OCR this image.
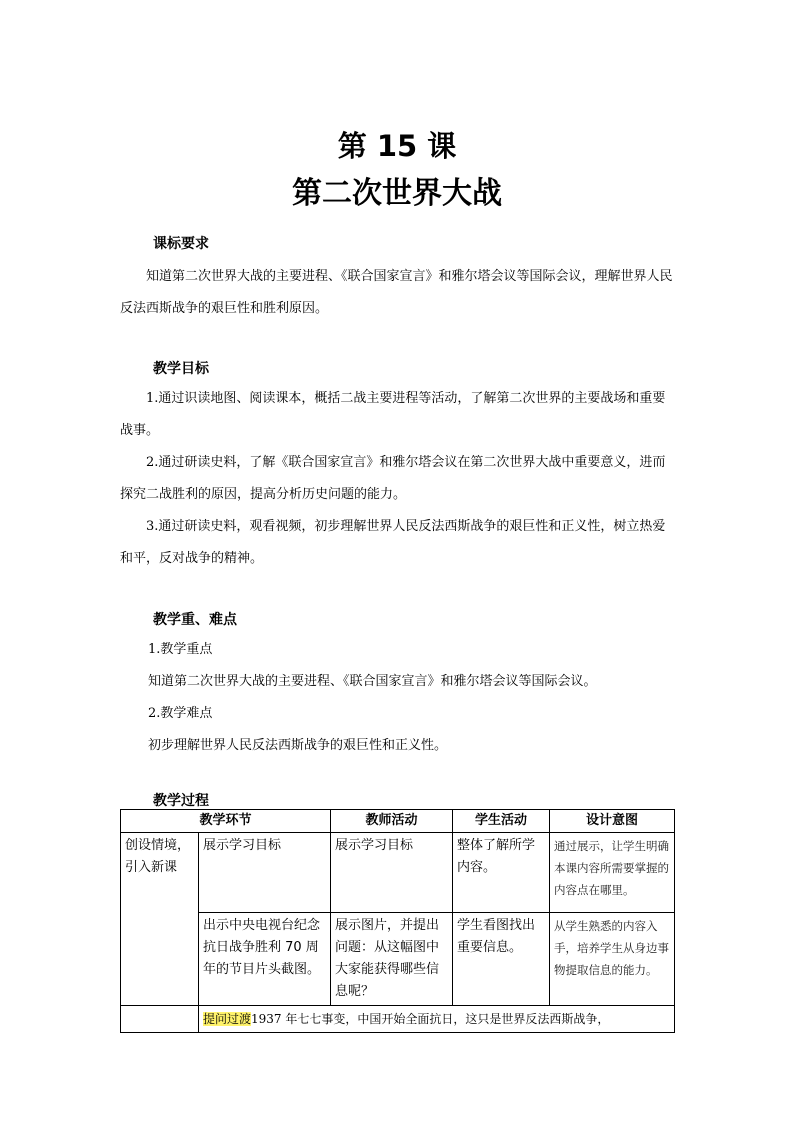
第 15 课
第二次世界大战
课标要求

知道第二次世界大战的主要进程、《联合国家宣言》和雅尔塔会议等国际会议，理解世界人民反法西斯战争的艰巨性和胜利原因。

教学目标

1.通过识读地图、阅读课本，概括二战主要进程等活动，了解第二次世界的主要战场和重要战事。

2.通过研读史料，了解《联合国家宣言》和雅尔塔会议在第二次世界大战中重要意义，进而探究二战胜利的原因，提高分析历史问题的能力。

3.通过研读史料，观看视频，初步理解世界人民反法西斯战争的艰巨性和正义性，树立热爱和平，反对战争的精神。

教学重、难点
1.教学重点
知道第二次世界大战的主要进程、《联合国家宣言》和雅尔塔会议等国际会议。
2.教学难点
初步理解世界人民反法西斯战争的艰巨性和正义性。
教学过程
教学环节		教师活动	学生活动	设计意图
创设情境，引入新课	展示学习目标	展示学习目标	整体了解所学内容。	通过展示，让学生明确本课内容所需要掌握的内容点在哪里。
	出示中央电视台纪念抗日战争胜利 70 周年的节目片头截图。	展示图片，并提出问题：从这幅图中大家能获得哪些信息呢？	学生看图找出重要信息。	从学生熟悉的内容入手，培养学生从身边事物提取信息的能力。
	提问过渡1937 年七七事变，中国开始全面抗日，这只是世界反法西斯战争，			
